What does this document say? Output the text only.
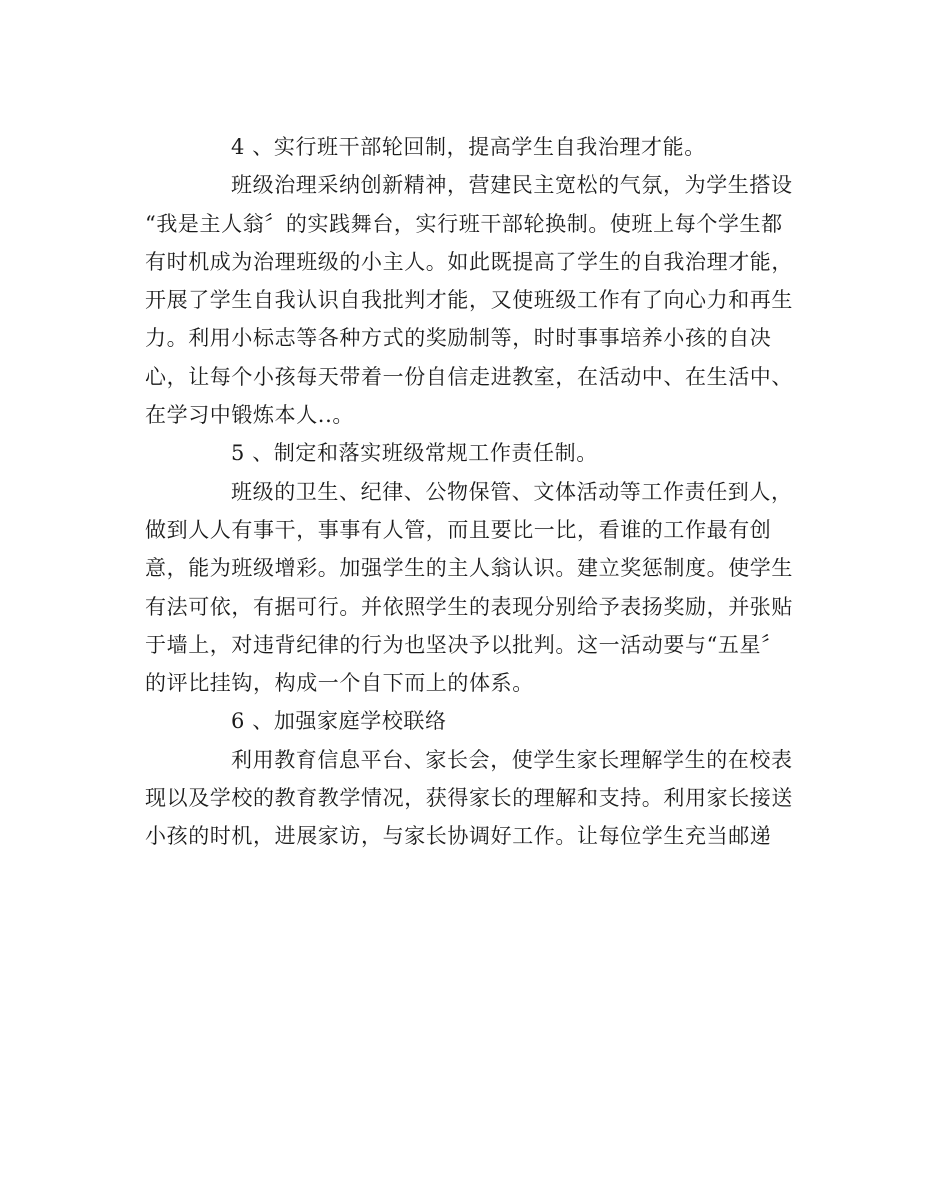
4 、实行班干部轮回制，提高学生自我治理才能。
班级治理采纳创新精神，营建民主宽松的气氛，为学生搭设
“我是主人翁〞的实践舞台，实行班干部轮换制。使班上每个学生都
有时机成为治理班级的小主人。如此既提高了学生的自我治理才能，
开展了学生自我认识自我批判才能，又使班级工作有了向心力和再生
力。利用小标志等各种方式的奖励制等，时时事事培养小孩的自决
心，让每个小孩每天带着一份自信走进教室，在活动中、在生活中、
在学习中锻炼本人..。
5 、制定和落实班级常规工作责任制。
班级的卫生、纪律、公物保管、文体活动等工作责任到人，
做到人人有事干，事事有人管，而且要比一比，看谁的工作最有创
意，能为班级增彩。加强学生的主人翁认识。建立奖惩制度。使学生
有法可依，有据可行。并依照学生的表现分别给予表扬奖励，并张贴
于墙上，对违背纪律的行为也坚决予以批判。这一活动要与“五星〞
的评比挂钩，构成一个自下而上的体系。
6 、加强家庭学校联络
利用教育信息平台、家长会，使学生家长理解学生的在校表
现以及学校的教育教学情况，获得家长的理解和支持。利用家长接送
小孩的时机，进展家访，与家长协调好工作。让每位学生充当邮递
